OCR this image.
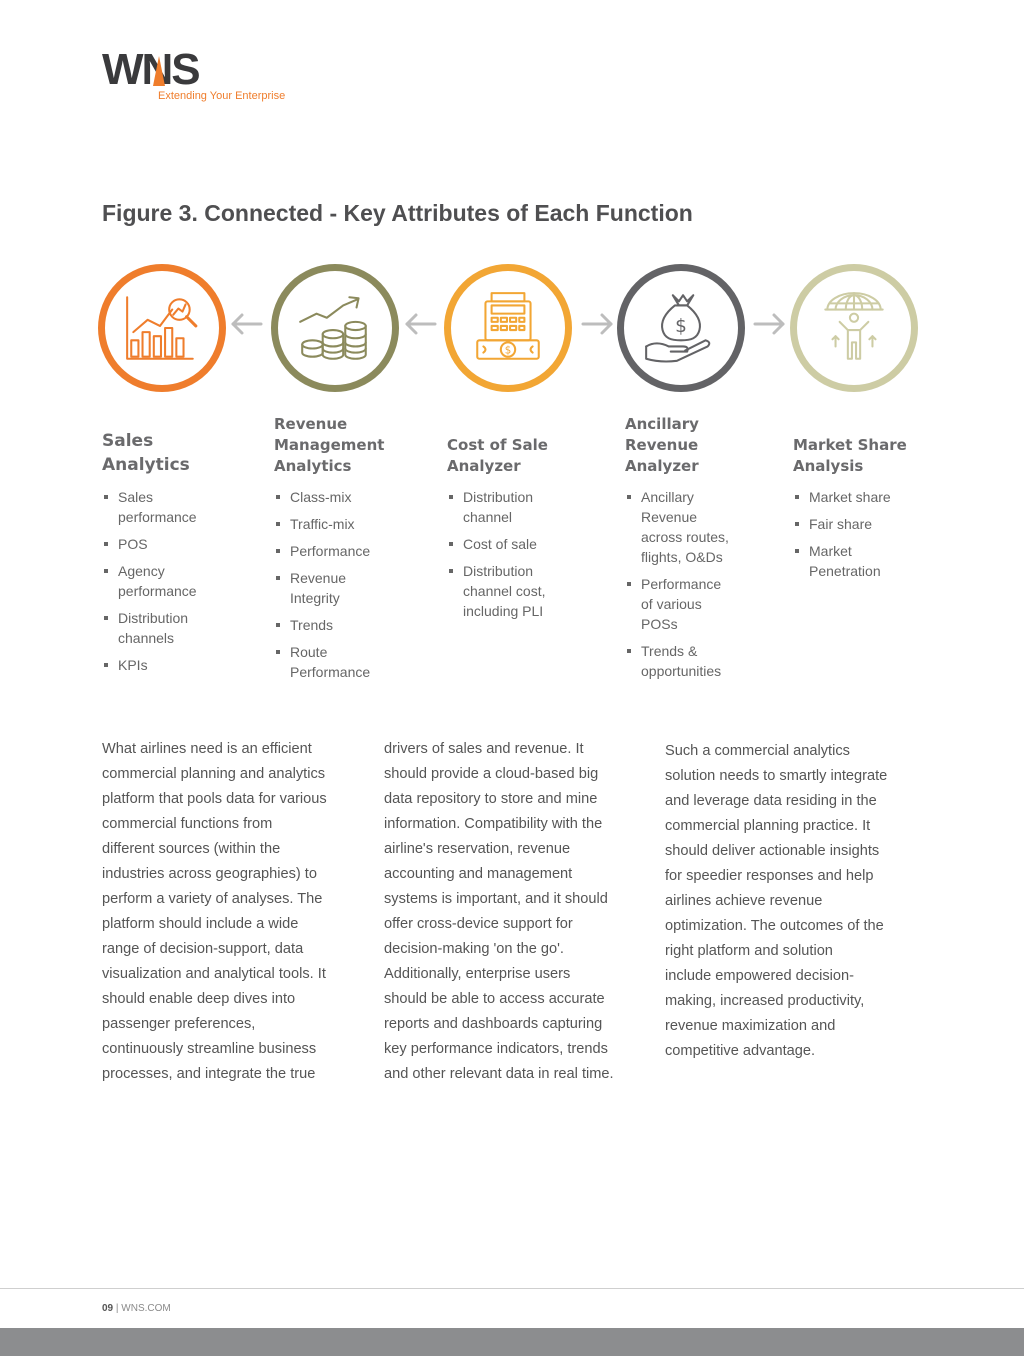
WNS
Extending Your Enterprise
Figure 3. Connected - Key Attributes of Each Function
$
$
Sales
Analytics
Sales
performance
POS
Agency
performance
Distribution
channels
KPIs
Revenue
Management
Analytics
Class-mix
Traffic-mix
Performance
Revenue
Integrity
Trends
Route
Performance
Cost of Sale
Analyzer
Distribution
channel
Cost of sale
Distribution
channel cost,
including PLI
Ancillary
Revenue
Analyzer
Ancillary
Revenue
across routes,
flights, O&Ds
Performance
of various
POSs
Trends &
opportunities
Market Share
Analysis
Market share
Fair share
Market
Penetration
What airlines need is an efficient
commercial planning and analytics
platform that pools data for various
commercial functions from
different sources (within the
industries across geographies) to
perform a variety of analyses. The
platform should include a wide
range of decision-support, data
visualization and analytical tools. It
should enable deep dives into
passenger preferences,
continuously streamline business
processes, and integrate the true
drivers of sales and revenue. It
should provide a cloud-based big
data repository to store and mine
information. Compatibility with the
airline's reservation, revenue
accounting and management
systems is important, and it should
offer cross-device support for
decision-making 'on the go'.
Additionally, enterprise users
should be able to access accurate
reports and dashboards capturing
key performance indicators, trends
and other relevant data in real time.
Such a commercial analytics
solution needs to smartly integrate
and leverage data residing in the
commercial planning practice. It
should deliver actionable insights
for speedier responses and help
airlines achieve revenue
optimization. The outcomes of the
right platform and solution
include empowered decision-
making, increased productivity,
revenue maximization and
competitive advantage.
09 | WNS.COM
